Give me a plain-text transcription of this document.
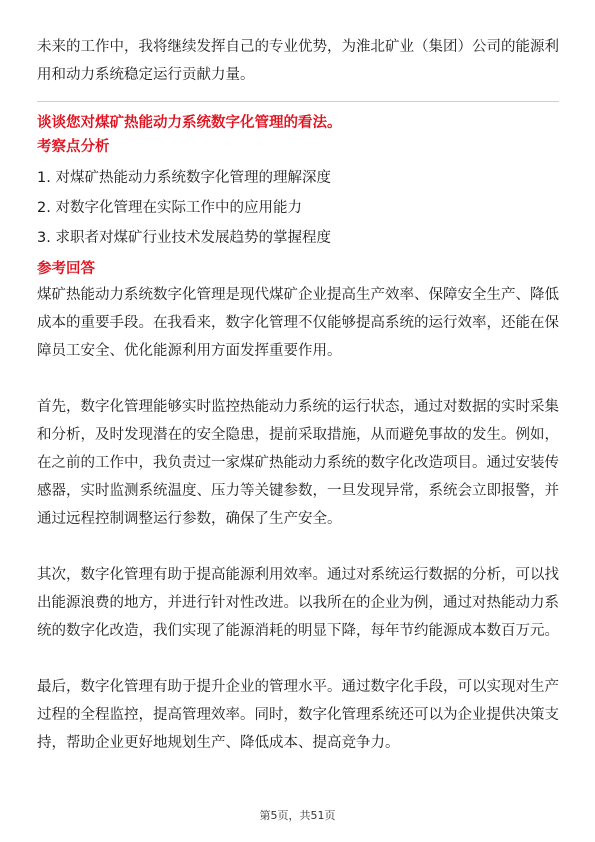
未来的工作中，我将继续发挥自己的专业优势，为淮北矿业（集团）公司的能源利用和动力系统稳定运行贡献力量。

谈谈您对煤矿热能动力系统数字化管理的看法。

考察点分析

1. 对煤矿热能动力系统数字化管理的理解深度
2. 对数字化管理在实际工作中的应用能力
3. 求职者对煤矿行业技术发展趋势的掌握程度

参考回答

煤矿热能动力系统数字化管理是现代煤矿企业提高生产效率、保障安全生产、降低成本的重要手段。在我看来，数字化管理不仅能够提高系统的运行效率，还能在保障员工安全、优化能源利用方面发挥重要作用。

首先，数字化管理能够实时监控热能动力系统的运行状态，通过对数据的实时采集和分析，及时发现潜在的安全隐患，提前采取措施，从而避免事故的发生。例如，在之前的工作中，我负责过一家煤矿热能动力系统的数字化改造项目。通过安装传感器，实时监测系统温度、压力等关键参数，一旦发现异常，系统会立即报警，并通过远程控制调整运行参数，确保了生产安全。

其次，数字化管理有助于提高能源利用效率。通过对系统运行数据的分析，可以找出能源浪费的地方，并进行针对性改进。以我所在的企业为例，通过对热能动力系统的数字化改造，我们实现了能源消耗的明显下降，每年节约能源成本数百万元。

最后，数字化管理有助于提升企业的管理水平。通过数字化手段，可以实现对生产过程的全程监控，提高管理效率。同时，数字化管理系统还可以为企业提供决策支持，帮助企业更好地规划生产、降低成本、提高竞争力。

第5页，共51页
